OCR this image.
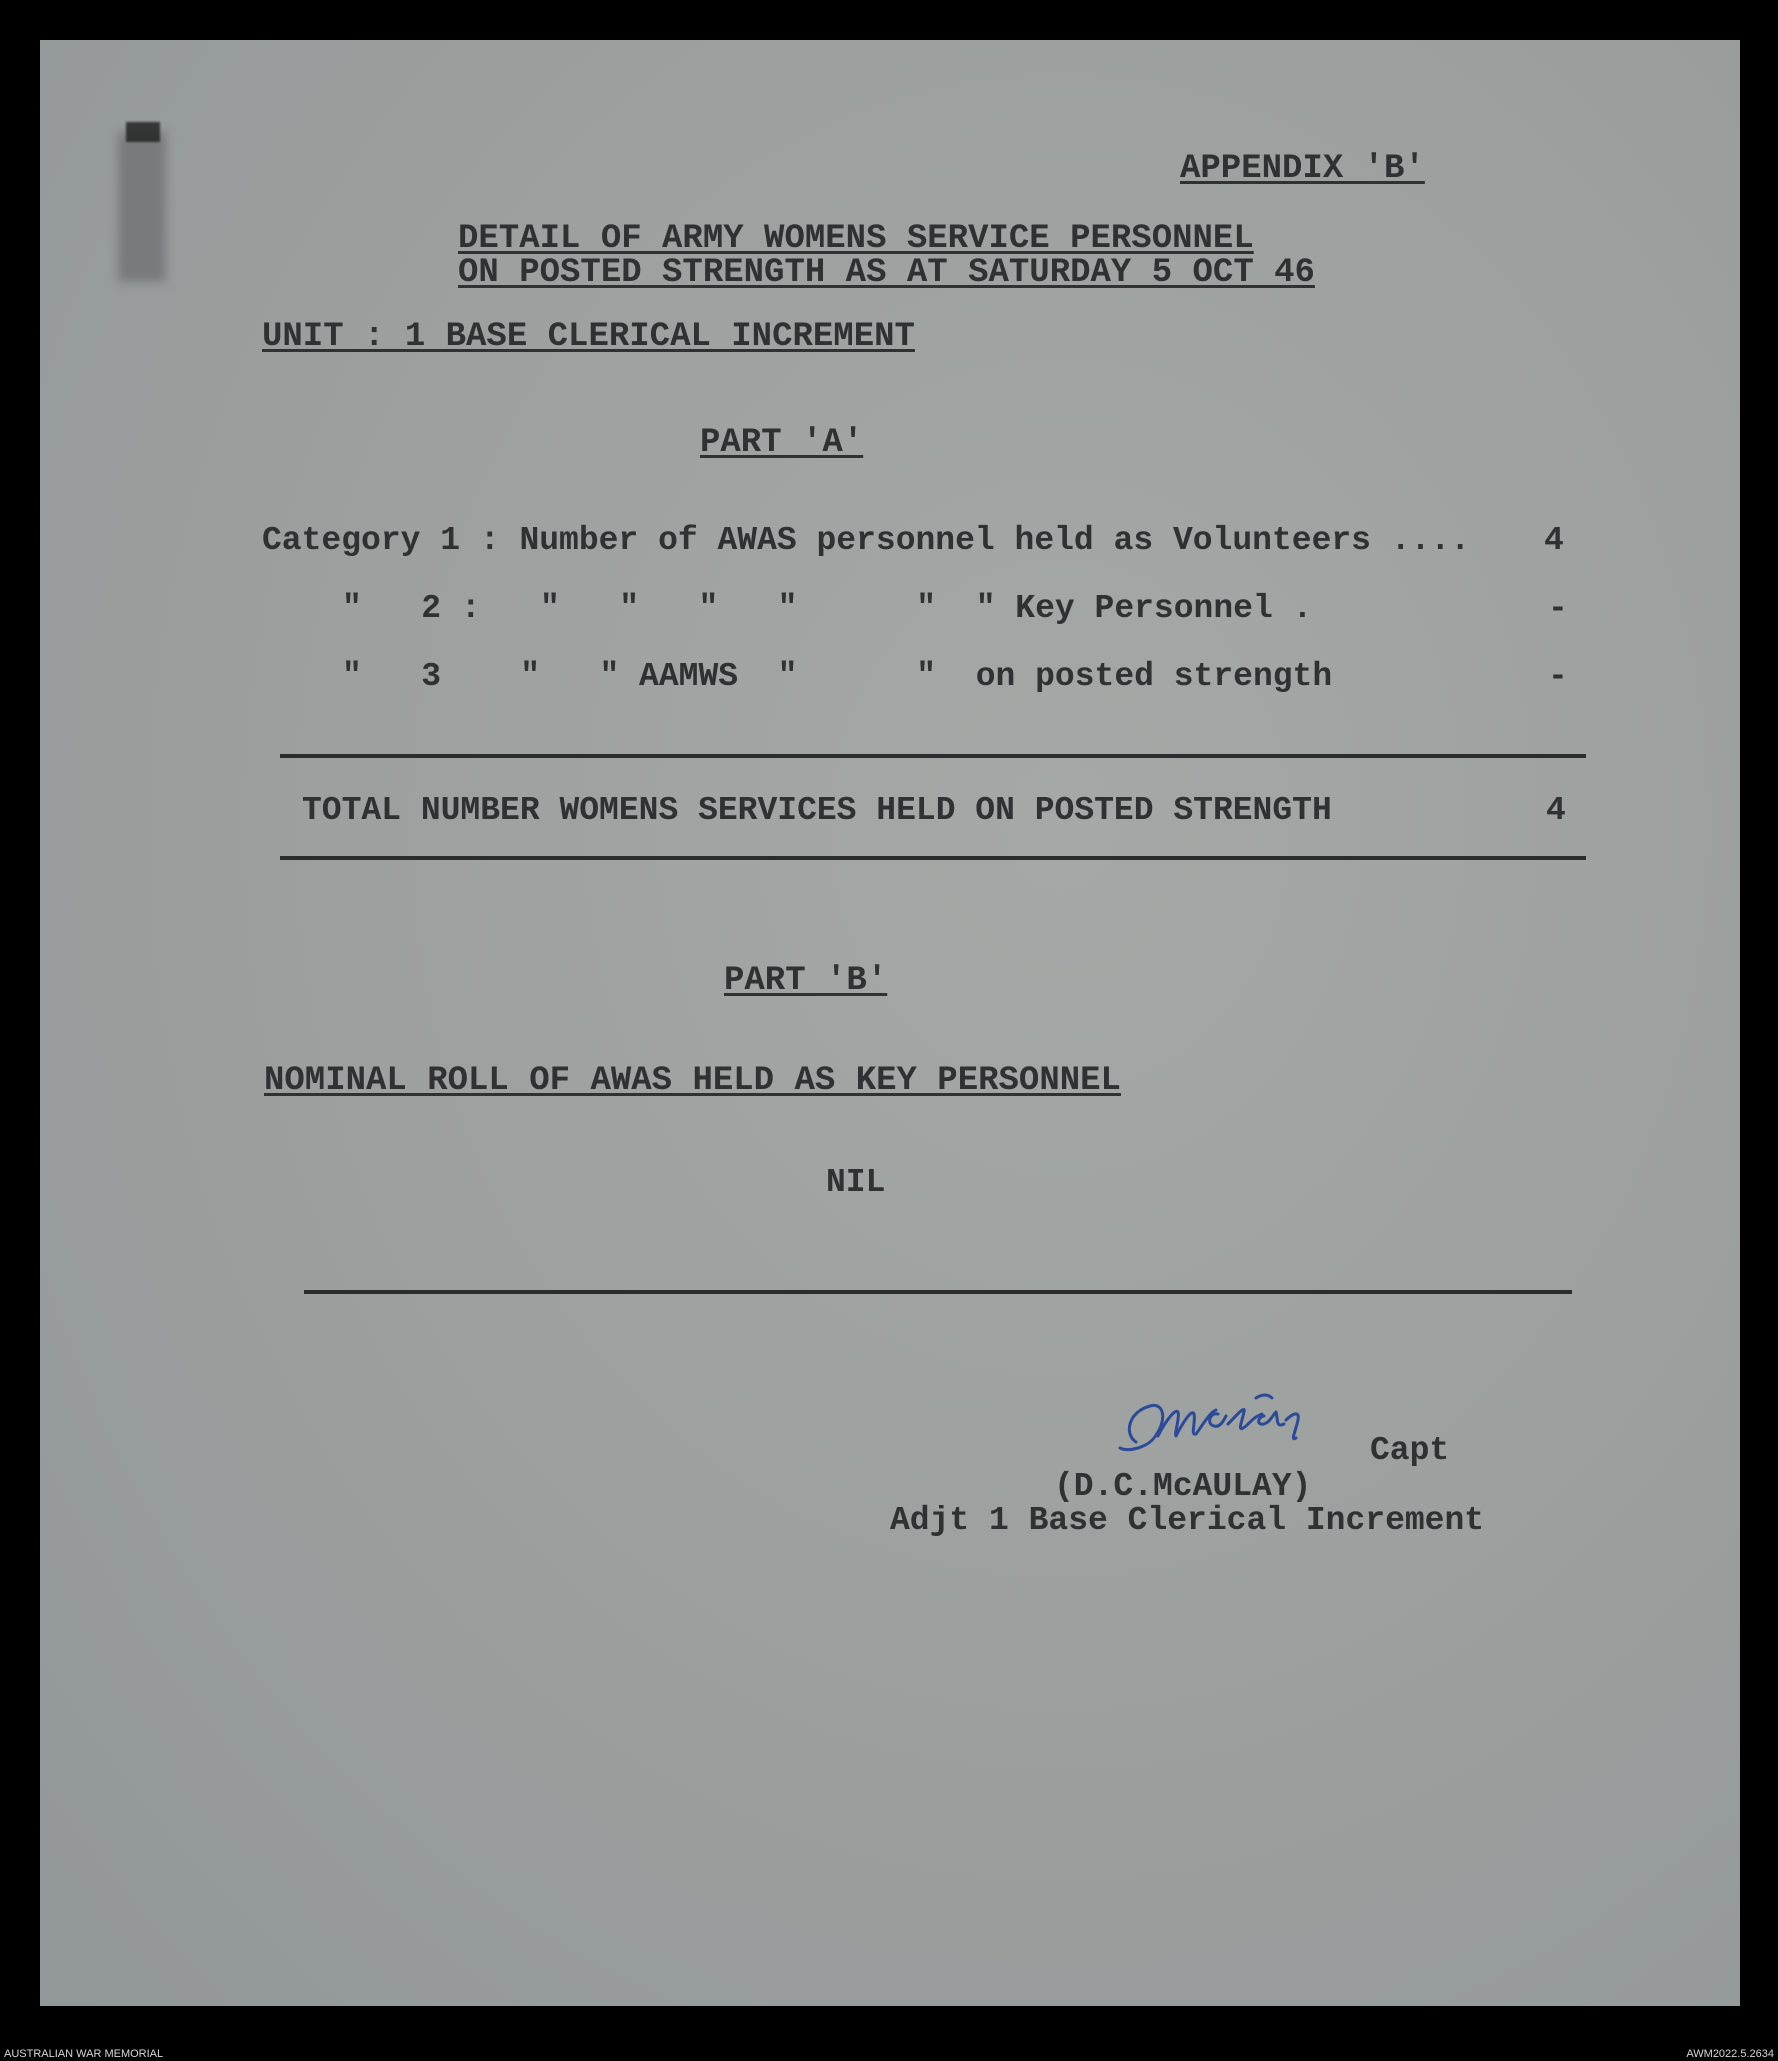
APPENDIX 'B'
DETAIL OF ARMY WOMENS SERVICE PERSONNEL
ON POSTED STRENGTH AS AT SATURDAY 5 OCT 46
UNIT : 1 BASE CLERICAL INCREMENT
PART 'A'
Category 1 : Number of AWAS personnel held as Volunteers .... 4
"   2 :   "   "   "   "      "  " Key Personnel .	-
"   3    "   " AAMWS  "      "  on posted strength	-
TOTAL NUMBER WOMENS SERVICES HELD ON POSTED STRENGTH	4
PART 'B'
NOMINAL ROLL OF AWAS HELD AS KEY PERSONNEL
NIL
DCMcAulay
Capt
(D.C.McAULAY)
Adjt 1 Base Clerical Increment
AUSTRALIAN WAR MEMORIAL	AWM2022.5.2634
